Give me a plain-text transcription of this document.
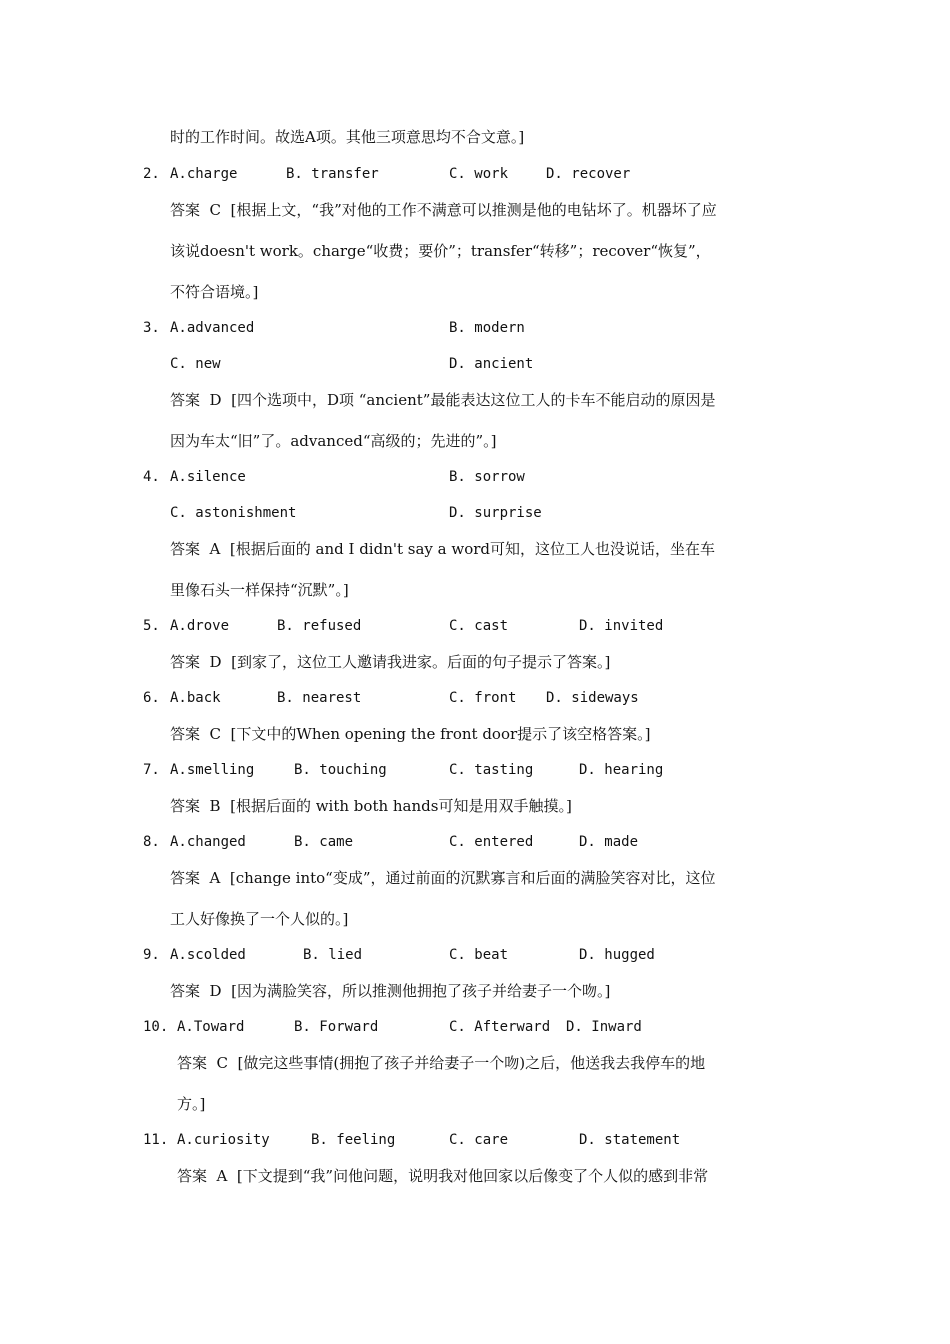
时的工作时间。故选A项。其他三项意思均不合文意。]
2. A.charge	B. transfer	C. work	D. recover
答案  C  [根据上文，“我”对他的工作不满意可以推测是他的电钻坏了。机器坏了应
该说doesn't work。charge“收费；要价”；transfer“转移”；recover“恢复”，
不符合语境。]
3. A.advanced	B. modern
C. new	D. ancient
答案  D  [四个选项中，D项 “ancient”最能表达这位工人的卡车不能启动的原因是
因为车太“旧”了。advanced“高级的；先进的”。]
4. A.silence	B. sorrow
C. astonishment	D. surprise
答案  A  [根据后面的 and I didn't say a word可知，这位工人也没说话，坐在车
里像石头一样保持“沉默”。]
5. A.drove	B. refused	C. cast	D. invited
答案  D  [到家了，这位工人邀请我进家。后面的句子提示了答案。]
6. A.back	B. nearest	C. front D. sideways
答案  C  [下文中的When opening the front door提示了该空格答案。]
7. A.smelling	B. touching	C. tasting	D. hearing
答案  B  [根据后面的 with both hands可知是用双手触摸。]
8. A.changed	B. came	C. entered	D. made
答案  A  [change into“变成”，通过前面的沉默寡言和后面的满脸笑容对比，这位
工人好像换了一个人似的。]
9. A.scolded	B. lied	C. beat	D. hugged
答案  D  [因为满脸笑容，所以推测他拥抱了孩子并给妻子一个吻。]
10. A.Toward	B. Forward	C. Afterward D. Inward
答案  C  [做完这些事情(拥抱了孩子并给妻子一个吻)之后，他送我去我停车的地
方。]
11. A.curiosity	B. feeling	C. care	D. statement
答案  A  [下文提到“我”问他问题，说明我对他回家以后像变了个人似的感到非常
